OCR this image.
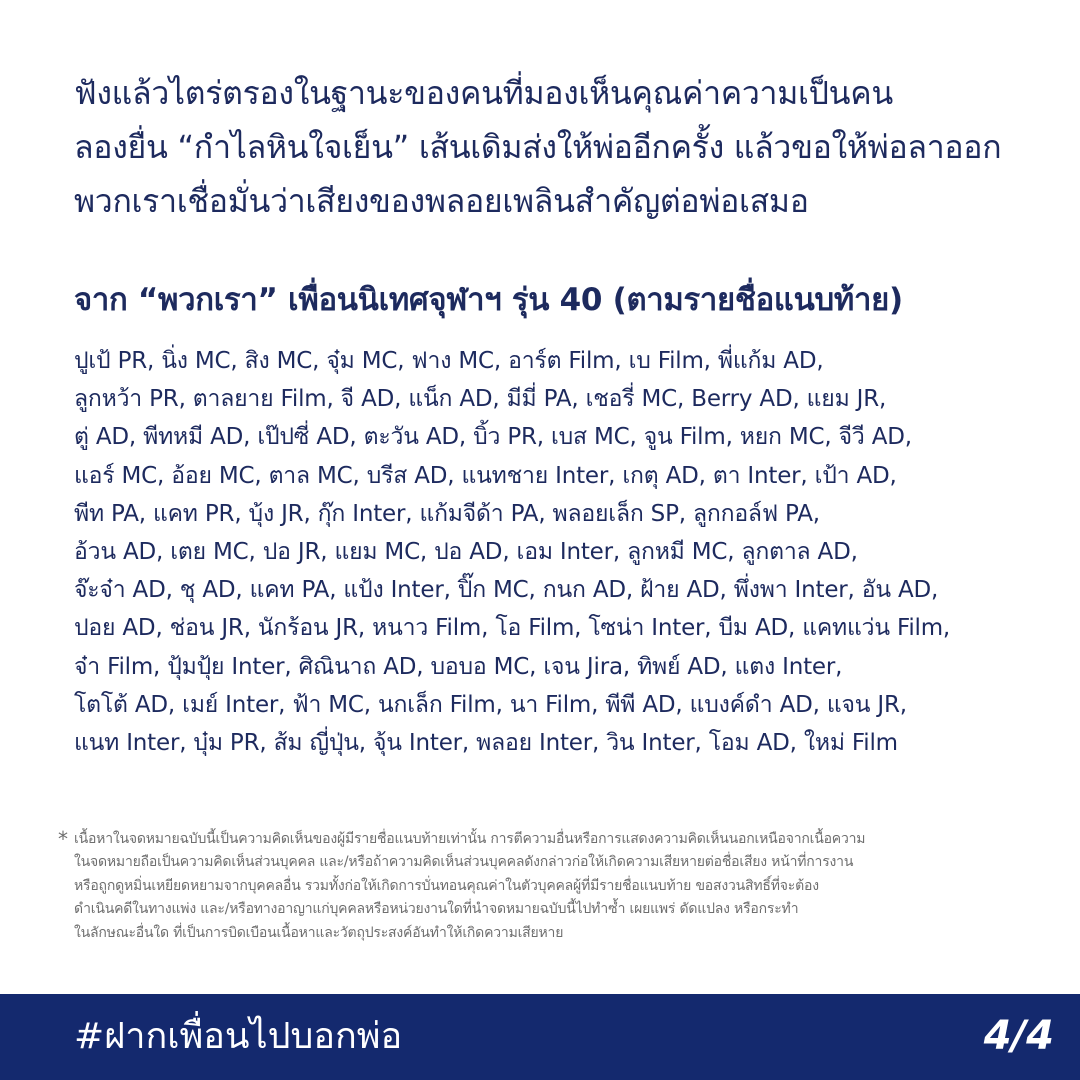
ฟังแล้วไตร่ตรองในฐานะของคนที่มองเห็นคุณค่าความเป็นคน
ลองยื่น “กำไลหินใจเย็น” เส้นเดิมส่งให้พ่ออีกครั้ง แล้วขอให้พ่อลาออก
พวกเราเชื่อมั่นว่าเสียงของพลอยเพลินสำคัญต่อพ่อเสมอ
จาก “พวกเรา” เพื่อนนิเทศจุฬาฯ รุ่น 40 (ตามรายชื่อแนบท้าย)
ปูเป้ PR, นิ่ง MC, สิง MC, จุ๋ม MC, ฟาง MC, อาร์ต Film, เบ Film, พี่แก้ม AD,
ลูกหว้า PR, ตาลยาย Film, จี AD, แน็ก AD, มีมี่ PA, เชอรี่ MC, Berry AD, แยม JR,
ตู่ AD, พีทหมี AD, เป๊ปซี่ AD, ตะวัน AD, บิ้ว PR, เบส MC, จูน Film, หยก MC, จีวี AD,
แอร์ MC, อ้อย MC, ตาล MC, บรีส AD, แนทชาย Inter, เกตุ AD, ตา Inter, เป้า AD,
พีท PA, แคท PR, บุ้ง JR, กุ๊ก Inter, แก้มจีด้า PA, พลอยเล็ก SP, ลูกกอล์ฟ PA,
อ้วน AD, เตย MC, ปอ JR, แยม MC, ปอ AD, เอม Inter, ลูกหมี MC, ลูกตาล AD,
จ๊ะจ๋า AD, ชุ AD, แคท PA, แป้ง Inter, ปิ๊ก MC, กนก AD, ฝ้าย AD, พึ่งพา Inter, อัน AD,
ปอย AD, ช่อน JR, นักร้อน JR, หนาว Film, โอ Film, โซน่า Inter, บีม AD, แคทแว่น Film,
จ๋า Film, ปุ้มปุ้ย Inter, ศิณินาถ AD, บอบอ MC, เจน Jira, ทิพย์ AD, แตง Inter,
โตโต้ AD, เมย์ Inter, ฟ้า MC, นกเล็ก Film, นา Film, พีพี AD, แบงค์ดำ AD, แจน JR,
แนท Inter, บุ๋ม PR, ส้ม ญี่ปุ่น, จุ้น Inter, พลอย Inter, วิน Inter, โอม AD, ใหม่ Film
* เนื้อหาในจดหมายฉบับนี้เป็นความคิดเห็นของผู้มีรายชื่อแนบท้ายเท่านั้น การตีความอื่นหรือการแสดงความคิดเห็นนอกเหนือจากเนื้อความ
ในจดหมายถือเป็นความคิดเห็นส่วนบุคคล และ/หรือถ้าความคิดเห็นส่วนบุคคลดังกล่าวก่อให้เกิดความเสียหายต่อชื่อเสียง หน้าที่การงาน
หรือถูกดูหมิ่นเหยียดหยามจากบุคคลอื่น รวมทั้งก่อให้เกิดการบั่นทอนคุณค่าในตัวบุคคลผู้ที่มีรายชื่อแนบท้าย ขอสงวนสิทธิ์ที่จะต้อง
ดำเนินคดีในทางแพ่ง และ/หรือทางอาญาแก่บุคคลหรือหน่วยงานใดที่นำจดหมายฉบับนี้ไปทำซ้ำ เผยแพร่ ดัดแปลง หรือกระทำ
ในลักษณะอื่นใด ที่เป็นการบิดเบือนเนื้อหาและวัตถุประสงค์อันทำให้เกิดความเสียหาย
#ฝากเพื่อนไปบอกพ่อ	4/4
